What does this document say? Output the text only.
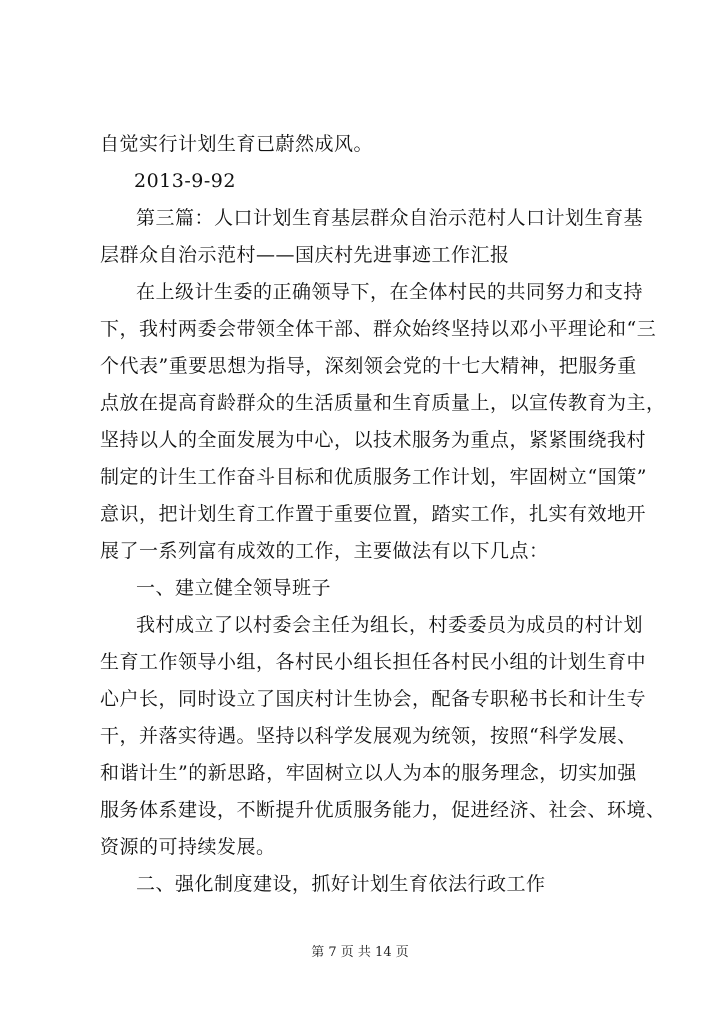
自觉实行计划生育已蔚然成风。
2013-9-92
第三篇：人口计划生育基层群众自治示范村人口计划生育基
层群众自治示范村——国庆村先进事迹工作汇报
在上级计生委的正确领导下，在全体村民的共同努力和支持
下，我村两委会带领全体干部、群众始终坚持以邓小平理论和“三
个代表”重要思想为指导，深刻领会党的十七大精神，把服务重
点放在提高育龄群众的生活质量和生育质量上，以宣传教育为主，
坚持以人的全面发展为中心，以技术服务为重点，紧紧围绕我村
制定的计生工作奋斗目标和优质服务工作计划，牢固树立“国策”
意识，把计划生育工作置于重要位置，踏实工作，扎实有效地开
展了一系列富有成效的工作，主要做法有以下几点：
一、建立健全领导班子
我村成立了以村委会主任为组长，村委委员为成员的村计划
生育工作领导小组，各村民小组长担任各村民小组的计划生育中
心户长，同时设立了国庆村计生协会，配备专职秘书长和计生专
干，并落实待遇。坚持以科学发展观为统领，按照“科学发展、
和谐计生”的新思路，牢固树立以人为本的服务理念，切实加强
服务体系建设，不断提升优质服务能力，促进经济、社会、环境、
资源的可持续发展。
二、强化制度建设，抓好计划生育依法行政工作
第 7 页 共 14 页
